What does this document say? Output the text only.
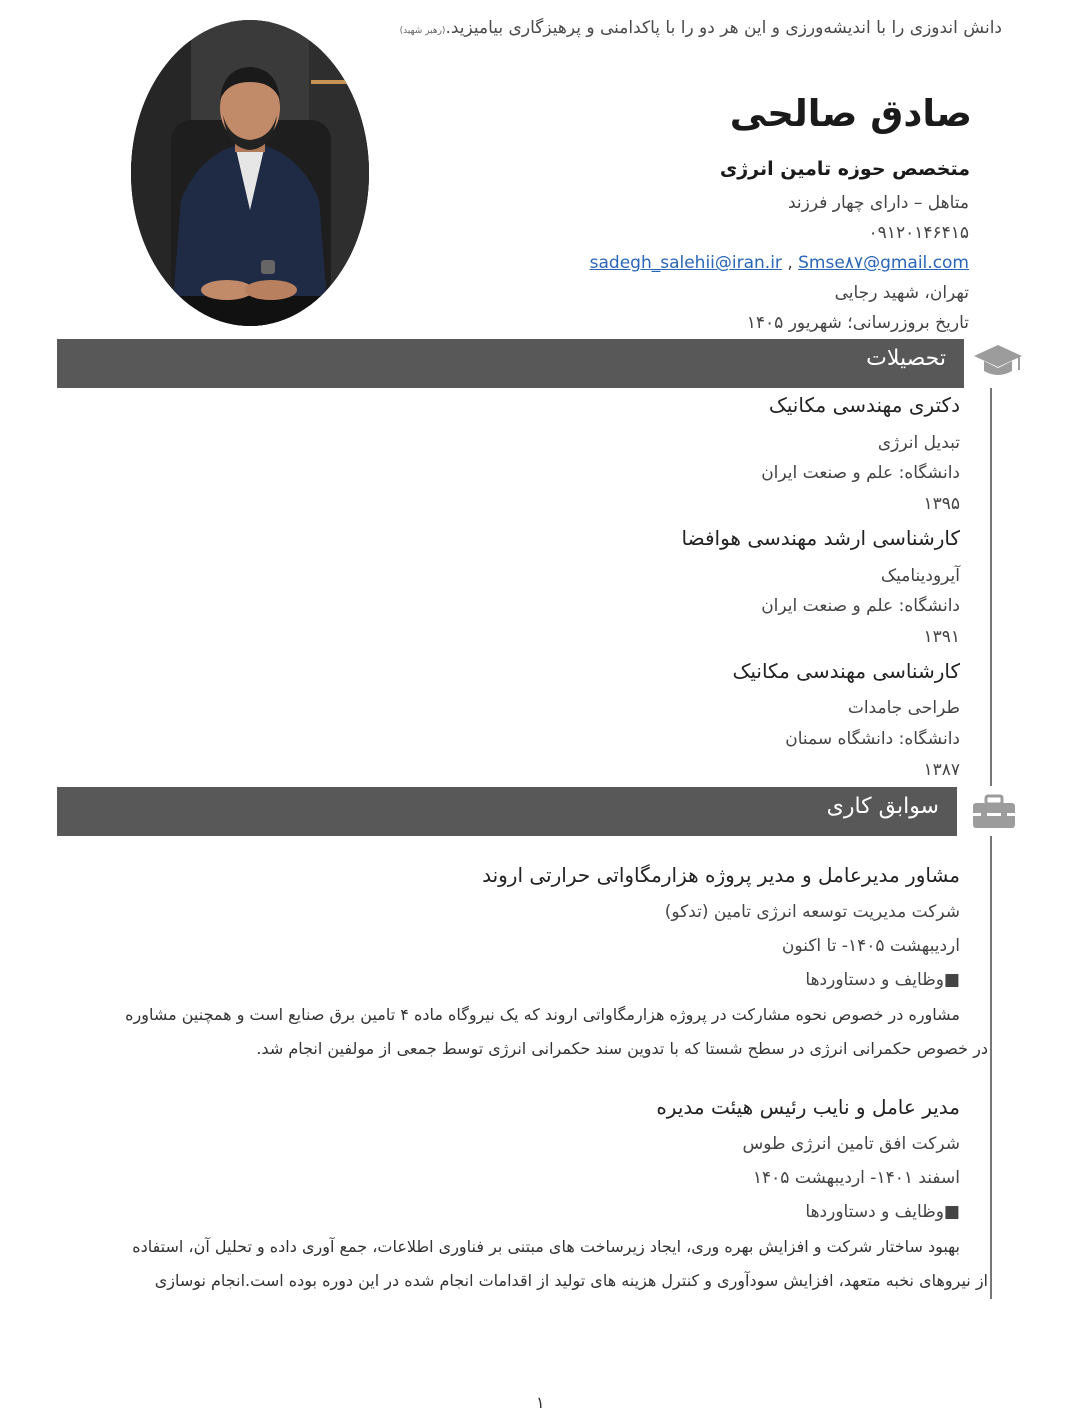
دانش اندوزی را با اندیشه‌ورزی و این هر دو را با پاکدامنی و پرهیزگاری بیامیزید.(رهبر شهید)
صادق صالحی
متخصص حوزه تامین انرژی
متاهل – دارای چهار فرزند
۰۹۱۲۰۱۴۶۴۱۵
sadegh_salehii@iran.ir , Smse۸۷@gmail.com
تهران، شهید رجایی
تاریخ بروزرسانی؛ شهریور ۱۴۰۵
تحصیلات
دکتری مهندسی مکانیک
تبدیل انرژی
دانشگاه: علم و صنعت ایران
۱۳۹۵
کارشناسی ارشد مهندسی هوافضا
آیرودینامیک
دانشگاه: علم و صنعت ایران
۱۳۹۱
کارشناسی مهندسی مکانیک
طراحی جامدات
دانشگاه: دانشگاه سمنان
۱۳۸۷
سوابق کاری
مشاور مدیرعامل و مدیر پروژه هزارمگاواتی حرارتی اروند
شرکت مدیریت توسعه انرژی تامین (تدکو)
اردیبهشت ۱۴۰۵- تا اکنون
■وظایف و دستاوردها
مشاوره در خصوص نحوه مشارکت در پروژه هزارمگاواتی اروند که یک نیروگاه ماده ۴ تامین برق صنایع است و همچنین مشاوره
در خصوص حکمرانی انرژی در سطح شستا که با تدوین سند حکمرانی انرژی توسط جمعی از مولفین انجام شد.
مدیر عامل و نایب رئیس هیئت مدیره
شرکت افق تامین انرژی طوس
اسفند ۱۴۰۱- اردیبهشت ۱۴۰۵
■وظایف و دستاوردها
بهبود ساختار شرکت و افزایش بهره وری، ایجاد زیرساخت های مبتنی بر فناوری اطلاعات، جمع آوری داده و تحلیل آن، استفاده
از نیروهای نخبه متعهد، افزایش سودآوری و کنترل هزینه های تولید از اقدامات انجام شده در این دوره بوده است.انجام نوسازی
۱
